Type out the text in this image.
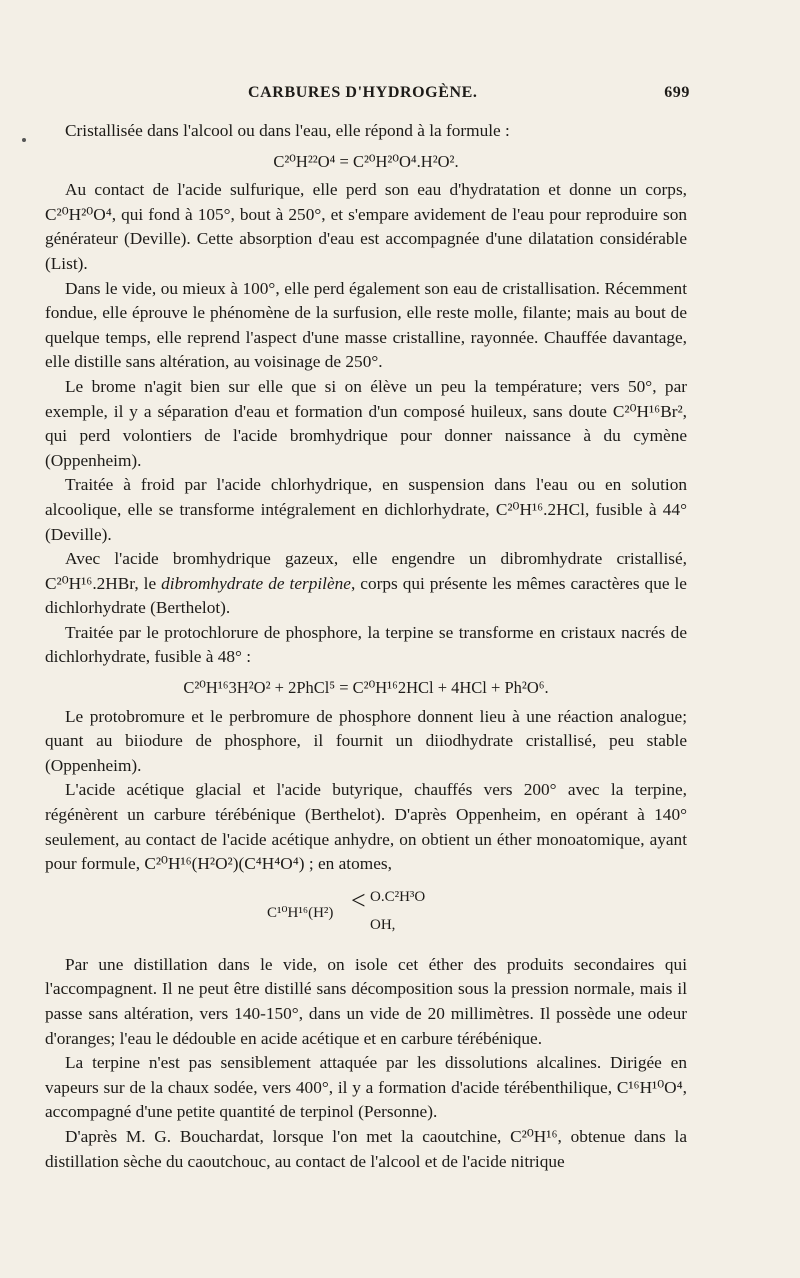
CARBURES D'HYDROGÈNE.	699

Cristallisée dans l'alcool ou dans l'eau, elle répond à la formule :

C²⁰H²²O⁴ = C²⁰H²⁰O⁴.H²O².

Au contact de l'acide sulfurique, elle perd son eau d'hydratation et donne un corps, C²⁰H²⁰O⁴, qui fond à 105°, bout à 250°, et s'empare avidement de l'eau pour reproduire son générateur (Deville). Cette absorption d'eau est accompagnée d'une dilatation considérable (List).

Dans le vide, ou mieux à 100°, elle perd également son eau de cristallisation. Récemment fondue, elle éprouve le phénomène de la surfusion, elle reste molle, filante; mais au bout de quelque temps, elle reprend l'aspect d'une masse cristalline, rayonnée. Chauffée davantage, elle distille sans altération, au voisinage de 250°.

Le brome n'agit bien sur elle que si on élève un peu la température; vers 50°, par exemple, il y a séparation d'eau et formation d'un composé huileux, sans doute C²⁰H¹⁶Br², qui perd volontiers de l'acide bromhydrique pour donner naissance à du cymène (Oppenheim).

Traitée à froid par l'acide chlorhydrique, en suspension dans l'eau ou en solution alcoolique, elle se transforme intégralement en dichlorhydrate, C²⁰H¹⁶.2HCl, fusible à 44° (Deville).

Avec l'acide bromhydrique gazeux, elle engendre un dibromhydrate cristallisé, C²⁰H¹⁶.2HBr, le dibromhydrate de terpilène, corps qui présente les mêmes caractères que le dichlorhydrate (Berthelot).

Traitée par le protochlorure de phosphore, la terpine se transforme en cristaux nacrés de dichlorhydrate, fusible à 48° :

C²⁰H¹⁶3H²O² + 2PhCl⁵ = C²⁰H¹⁶2HCl + 4HCl + Ph²O⁶.

Le protobromure et le perbromure de phosphore donnent lieu à une réaction analogue; quant au biiodure de phosphore, il fournit un diiodhydrate cristallisé, peu stable (Oppenheim).

L'acide acétique glacial et l'acide butyrique, chauffés vers 200° avec la terpine, régénèrent un carbure térébénique (Berthelot). D'après Oppenheim, en opérant à 140° seulement, au contact de l'acide acétique anhydre, on obtient un éther monoatomique, ayant pour formule, C²⁰H¹⁶(H²O²)(C⁴H⁴O⁴) ; en atomes,

C¹⁰H¹⁶(H²) < O.C²H³O
OH,

Par une distillation dans le vide, on isole cet éther des produits secondaires qui l'accompagnent. Il ne peut être distillé sans décomposition sous la pression normale, mais il passe sans altération, vers 140-150°, dans un vide de 20 millimètres. Il possède une odeur d'oranges; l'eau le dédouble en acide acétique et en carbure térébénique.

La terpine n'est pas sensiblement attaquée par les dissolutions alcalines. Dirigée en vapeurs sur de la chaux sodée, vers 400°, il y a formation d'acide térébenthilique, C¹⁶H¹⁰O⁴, accompagné d'une petite quantité de terpinol (Personne).

D'après M. G. Bouchardat, lorsque l'on met la caoutchine, C²⁰H¹⁶, obtenue dans la distillation sèche du caoutchouc, au contact de l'alcool et de l'acide nitrique
